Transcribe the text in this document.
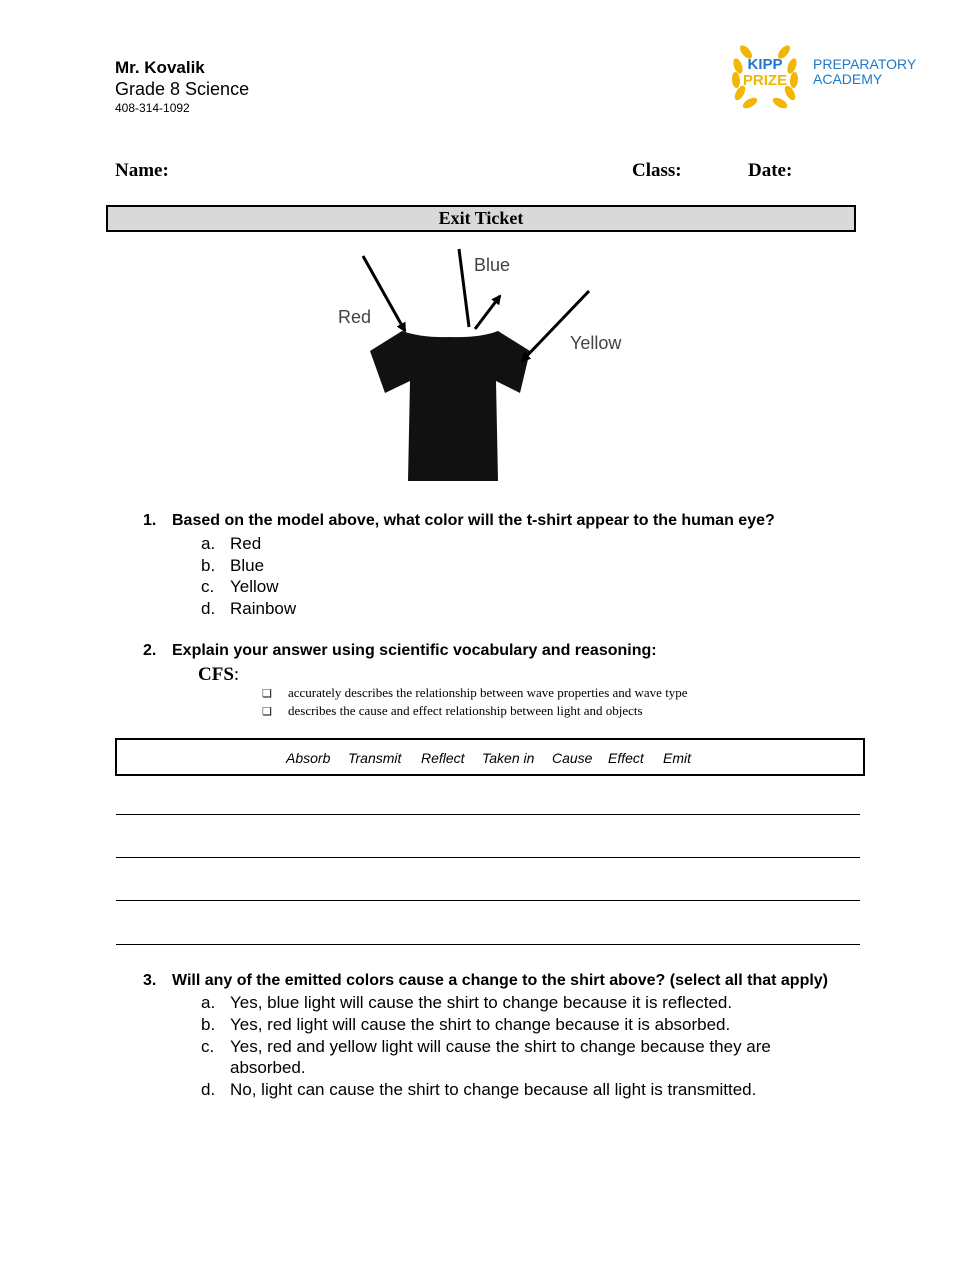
Mr. Kovalik
Grade 8 Science
408-314-1092
KIPP
PRIZE
PREPARATORY
ACADEMY
Name:	Class:	Date:
Exit Ticket
Red
Blue
Yellow
1. Based on the model above, what color will the t-shirt appear to the human eye?
a. Red
b. Blue
c. Yellow
d. Rainbow
2. Explain your answer using scientific vocabulary and reasoning:
CFS:
❏ accurately describes the relationship between wave properties and wave type
❏ describes the cause and effect relationship between light and objects
Absorb Transmit Reflect Taken in Cause Effect Emit
3. Will any of the emitted colors cause a change to the shirt above? (select all that apply)
a. Yes, blue light will cause the shirt to change because it is reflected.
b. Yes, red light will cause the shirt to change because it is absorbed.
c. Yes, red and yellow light will cause the shirt to change because they are
absorbed.
d. No, light can cause the shirt to change because all light is transmitted.
